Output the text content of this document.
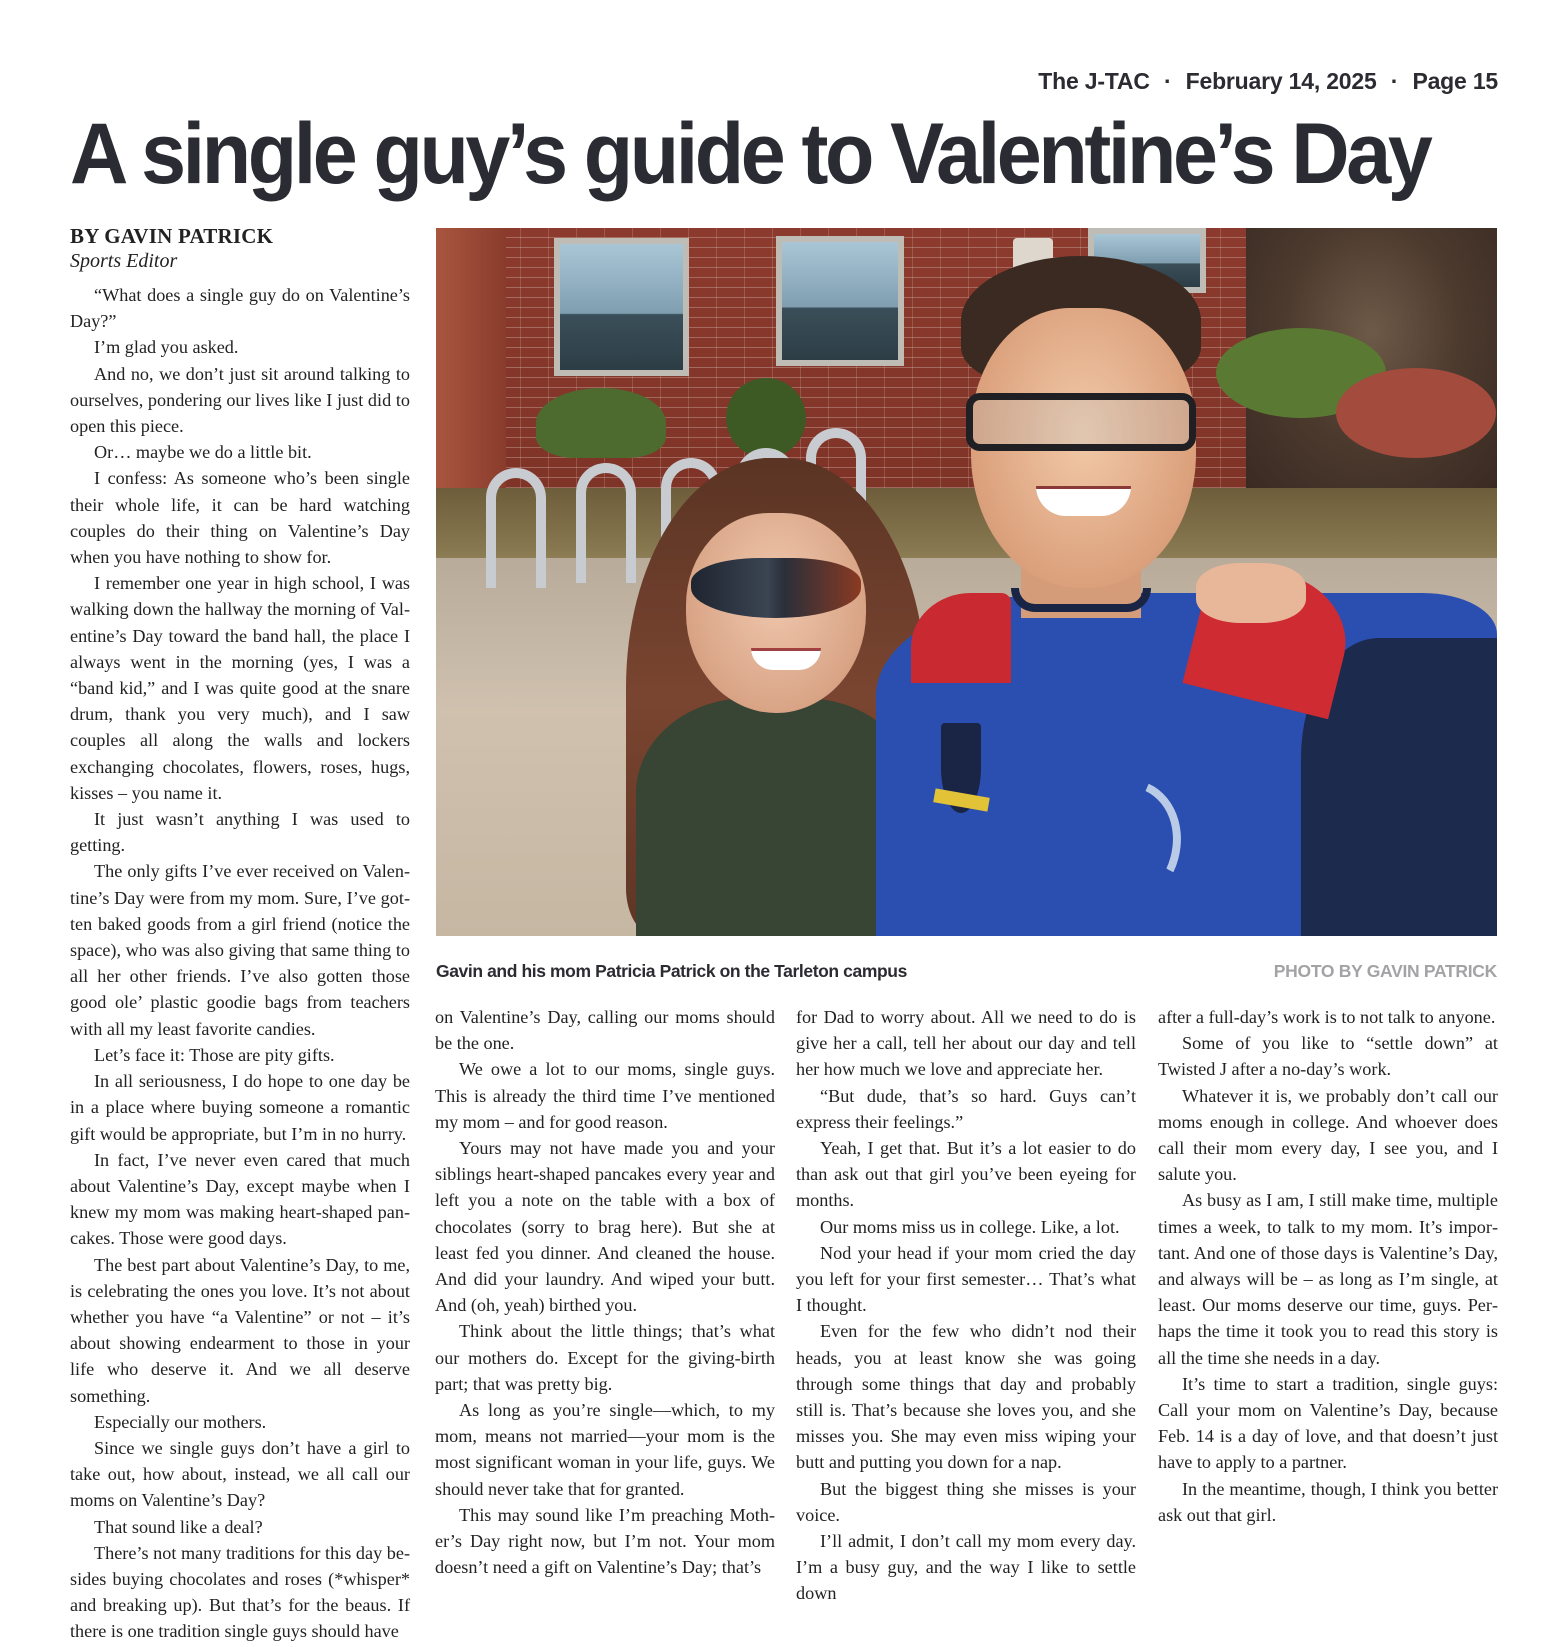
The J-TAC · February 14, 2025 · Page 15
A single guy’s guide to Valentine’s Day
BY GAVIN PATRICK
Sports Editor

“What does a single guy do on Valentine’s Day?”

I’m glad you asked.

And no, we don’t just sit around talking to ourselves, pondering our lives like I just did to open this piece.

Or… maybe we do a little bit.

I confess: As someone who’s been single their whole life, it can be hard watching couples do their thing on Valentine’s Day when you have nothing to show for.

I remember one year in high school, I was walking down the hallway the morning of Valentine’s Day toward the band hall, the place I always went in the morning (yes, I was a “band kid,” and I was quite good at the snare drum, thank you very much), and I saw couples all along the walls and lockers exchanging chocolates, flowers, roses, hugs, kisses – you name it.

It just wasn’t anything I was used to getting.

The only gifts I’ve ever received on Valentine’s Day were from my mom. Sure, I’ve gotten baked goods from a girl friend (notice the space), who was also giving that same thing to all her other friends. I’ve also gotten those good ole’ plastic goodie bags from teachers with all my least favorite candies.

Let’s face it: Those are pity gifts.

In all seriousness, I do hope to one day be in a place where buying someone a romantic gift would be appropriate, but I’m in no hurry.

In fact, I’ve never even cared that much about Valentine’s Day, except maybe when I knew my mom was making heart-shaped pancakes. Those were good days.

The best part about Valentine’s Day, to me, is celebrating the ones you love. It’s not about whether you have “a Valentine” or not – it’s about showing endearment to those in your life who deserve it. And we all deserve something.

Especially our mothers.

Since we single guys don’t have a girl to take out, how about, instead, we all call our moms on Valentine’s Day?

That sound like a deal?

There’s not many traditions for this day besides buying chocolates and roses (*whisper* and breaking up). But that’s for the beaus. If there is one tradition single guys should have

Gavin and his mom Patricia Patrick on the Tarleton campus	PHOTO BY GAVIN PATRICK

on Valentine’s Day, calling our moms should be the one.

We owe a lot to our moms, single guys. This is already the third time I’ve mentioned my mom – and for good reason.

Yours may not have made you and your siblings heart-shaped pancakes every year and left you a note on the table with a box of chocolates (sorry to brag here). But she at least fed you dinner. And cleaned the house. And did your laundry. And wiped your butt. And (oh, yeah) birthed you.

Think about the little things; that’s what our mothers do. Except for the giving-birth part; that was pretty big.

As long as you’re single—which, to my mom, means not married—your mom is the most significant woman in your life, guys. We should never take that for granted.

This may sound like I’m preaching Mother’s Day right now, but I’m not. Your mom doesn’t need a gift on Valentine’s Day; that’s

for Dad to worry about. All we need to do is give her a call, tell her about our day and tell her how much we love and appreciate her.

“But dude, that’s so hard. Guys can’t express their feelings.”

Yeah, I get that. But it’s a lot easier to do than ask out that girl you’ve been eyeing for months.

Our moms miss us in college. Like, a lot.

Nod your head if your mom cried the day you left for your first semester… That’s what I thought.

Even for the few who didn’t nod their heads, you at least know she was going through some things that day and probably still is. That’s because she loves you, and she misses you. She may even miss wiping your butt and putting you down for a nap.

But the biggest thing she misses is your voice.

I’ll admit, I don’t call my mom every day. I’m a busy guy, and the way I like to settle down

after a full-day’s work is to not talk to anyone.

Some of you like to “settle down” at Twisted J after a no-day’s work.

Whatever it is, we probably don’t call our moms enough in college. And whoever does call their mom every day, I see you, and I salute you.

As busy as I am, I still make time, multiple times a week, to talk to my mom. It’s important. And one of those days is Valentine’s Day, and always will be – as long as I’m single, at least. Our moms deserve our time, guys. Perhaps the time it took you to read this story is all the time she needs in a day.

It’s time to start a tradition, single guys: Call your mom on Valentine’s Day, because Feb. 14 is a day of love, and that doesn’t just have to apply to a partner.

In the meantime, though, I think you better ask out that girl.
